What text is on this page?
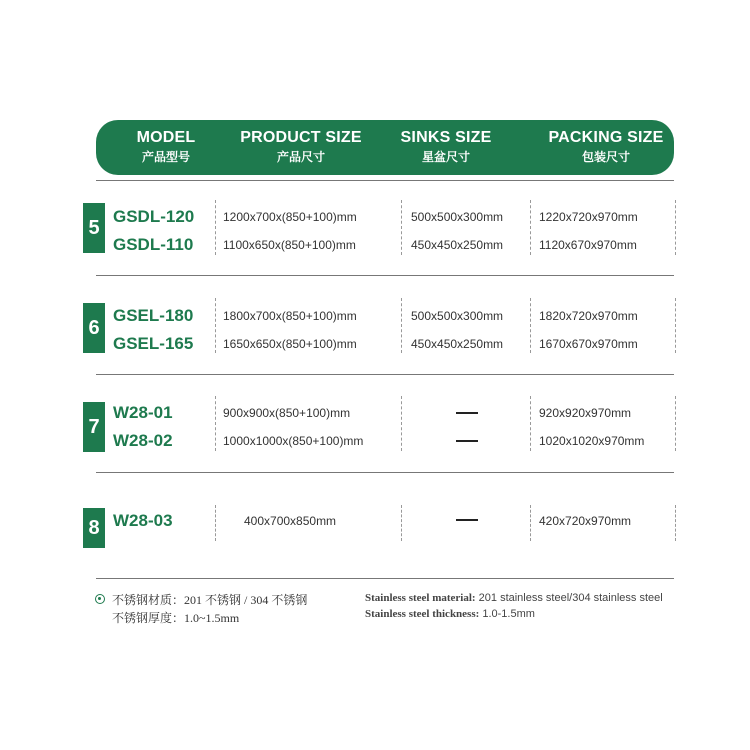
MODEL
产品型号
PRODUCT SIZE
产品尺寸
SINKS SIZE
星盆尺寸
PACKING SIZE
包装尺寸
5 GSDL-120
GSDL-110
1200x700x(850+100)mm
1100x650x(850+100)mm
500x500x300mm
450x450x250mm
1220x720x970mm
1120x670x970mm
6
GSEL-180
GSEL-165
1800x700x(850+100)mm
1650x650x(850+100)mm
500x500x300mm
450x450x250mm
1820x720x970mm
1670x670x970mm
7
W28-01
W28-02
900x900x(850+100)mm
1000x1000x(850+100)mm
920x920x970mm
1020x1020x970mm
8 W28-03	400x700x850mm	420x720x970mm
不锈钢材质：201 不锈钢 / 304 不锈钢
不锈钢厚度：1.0~1.5mm
Stainless steel material: 201 stainless steel/304 stainless steel
Stainless steel thickness: 1.0-1.5mm
